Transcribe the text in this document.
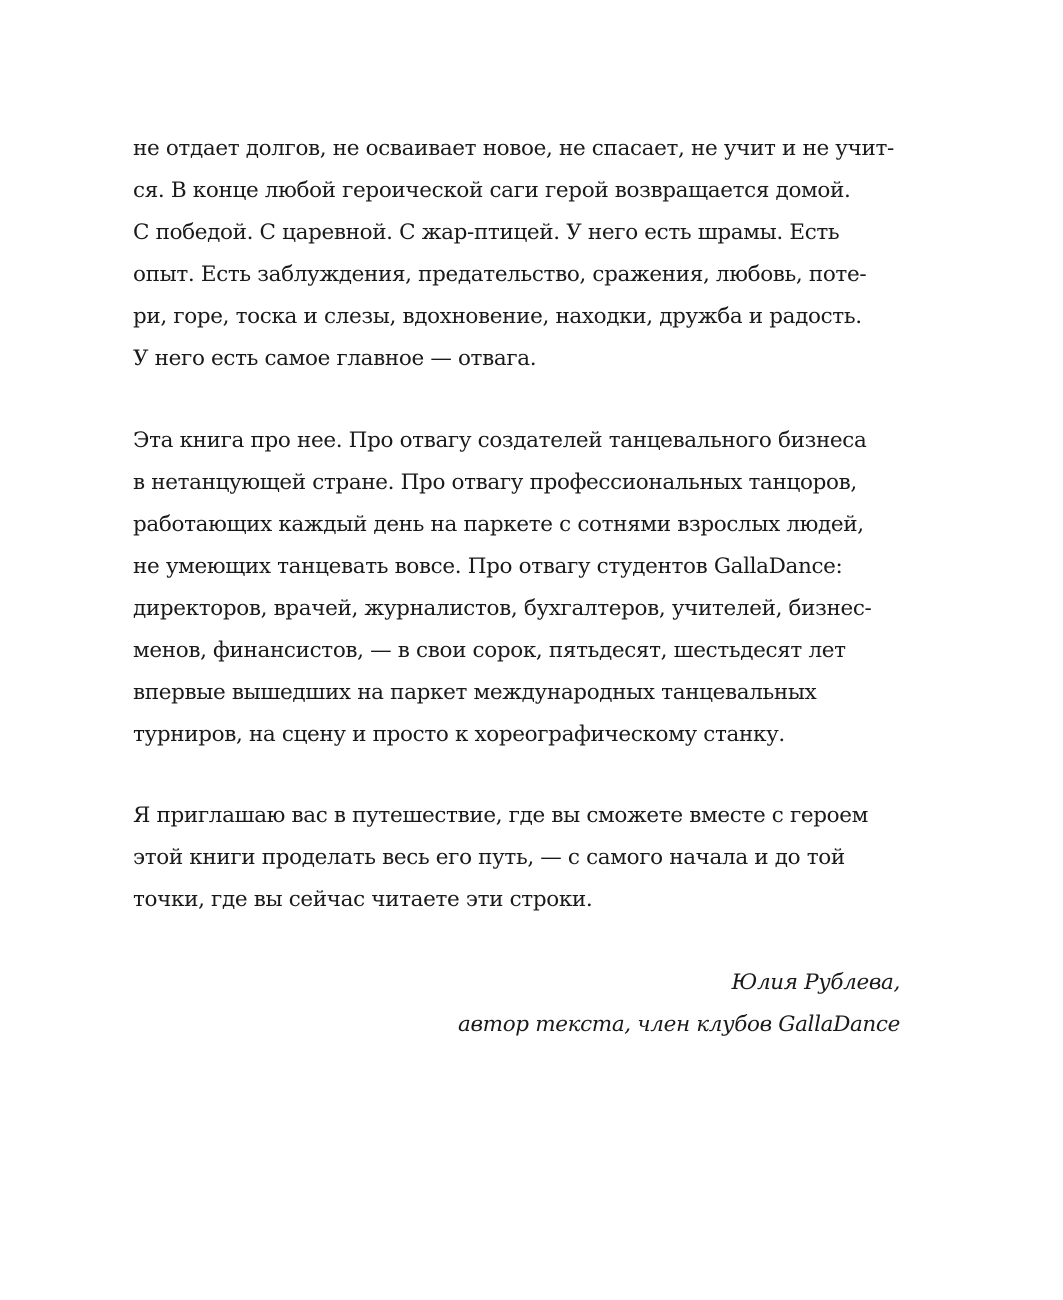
не отдает долгов, не осваивает новое, не спасает, не учит и не учит-
ся. В конце любой героической саги герой возвращается домой.
С победой. С царевной. С жар-птицей. У него есть шрамы. Есть
опыт. Есть заблуждения, предательство, сражения, любовь, поте-
ри, горе, тоска и слезы, вдохновение, находки, дружба и радость.
У него есть самое главное — отвага.
Эта книга про нее. Про отвагу создателей танцевального бизнеса
в нетанцующей стране. Про отвагу профессиональных танцоров,
работающих каждый день на паркете с сотнями взрослых людей,
не умеющих танцевать вовсе. Про отвагу студентов GallaDance:
директоров, врачей, журналистов, бухгалтеров, учителей, бизнес-
менов, финансистов, — в свои сорок, пятьдесят, шестьдесят лет
впервые вышедших на паркет международных танцевальных
турниров, на сцену и просто к хореографическому станку.
Я приглашаю вас в путешествие, где вы сможете вместе с героем
этой книги проделать весь его путь, — с самого начала и до той
точки, где вы сейчас читаете эти строки.
Юлия Рублева,
автор текста, член клубов GallaDance
